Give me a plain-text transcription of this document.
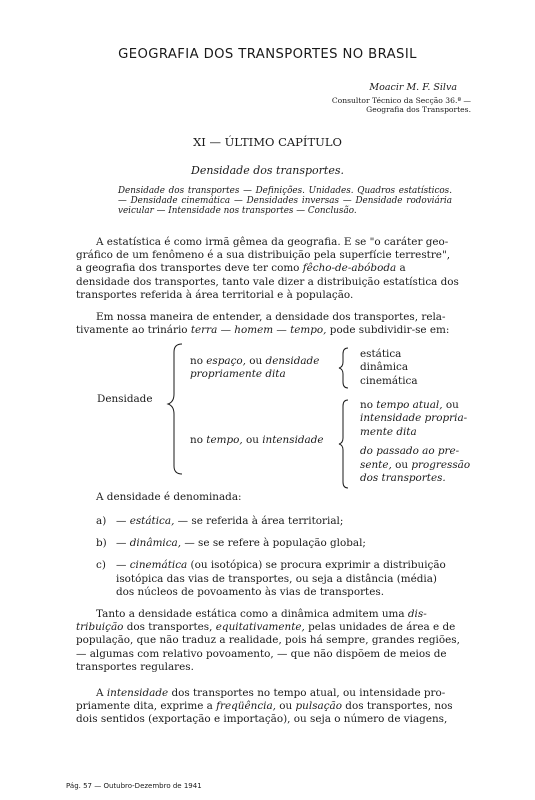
GEOGRAFIA DOS TRANSPORTES NO BRASIL
Moacir M. F. Silva
Consultor Técnico da Secção 36.ª —
Geografia dos Transportes.
XI — ÚLTIMO CAPÍTULO
Densidade dos transportes.
Densidade dos transportes — Definições. Unidades. Quadros estatísticos. — Densidade cinemática — Densidades inversas — Densidade rodoviária veicular — Intensidade nos transportes — Conclusão.
A estatística é como irmã gêmea da geografia. E se "o caráter geo-
gráfico de um fenômeno é a sua distribuição pela superfície terrestre",
a geografia dos transportes deve ter como fêcho-de-abóboda a
densidade dos transportes, tanto vale dizer a distribuição estatística dos
transportes referida à área territorial e à população.
Em nossa maneira de entender, a densidade dos transportes, rela-
tivamente ao trinário terra — homem — tempo, pode subdividir-se em:
Densidade
no espaço, ou densidade
propriamente dita
estática
dinâmica
cinemática
no tempo, ou intensidade
no tempo atual, ou
intensidade propria-
mente dita
do passado ao pre-
sente, ou progressão
dos transportes.
A densidade é denominada:
a) — estática, — se referida à área territorial;
b) — dinâmica, — se se refere à população global;
c) — cinemática (ou isotópica) se procura exprimir a distribuição
isotópica das vias de transportes, ou seja a distância (média)
dos núcleos de povoamento às vias de transportes.
Tanto a densidade estática como a dinâmica admitem uma dis-
tribuição dos transportes, equitativamente, pelas unidades de área e de
população, que não traduz a realidade, pois há sempre, grandes regiões,
— algumas com relativo povoamento, — que não dispõem de meios de
transportes regulares.
A intensidade dos transportes no tempo atual, ou intensidade pro-
priamente dita, exprime a freqüência, ou pulsação dos transportes, nos
dois sentidos (exportação e importação), ou seja o número de viagens,
Pág. 57 — Outubro-Dezembro de 1941
